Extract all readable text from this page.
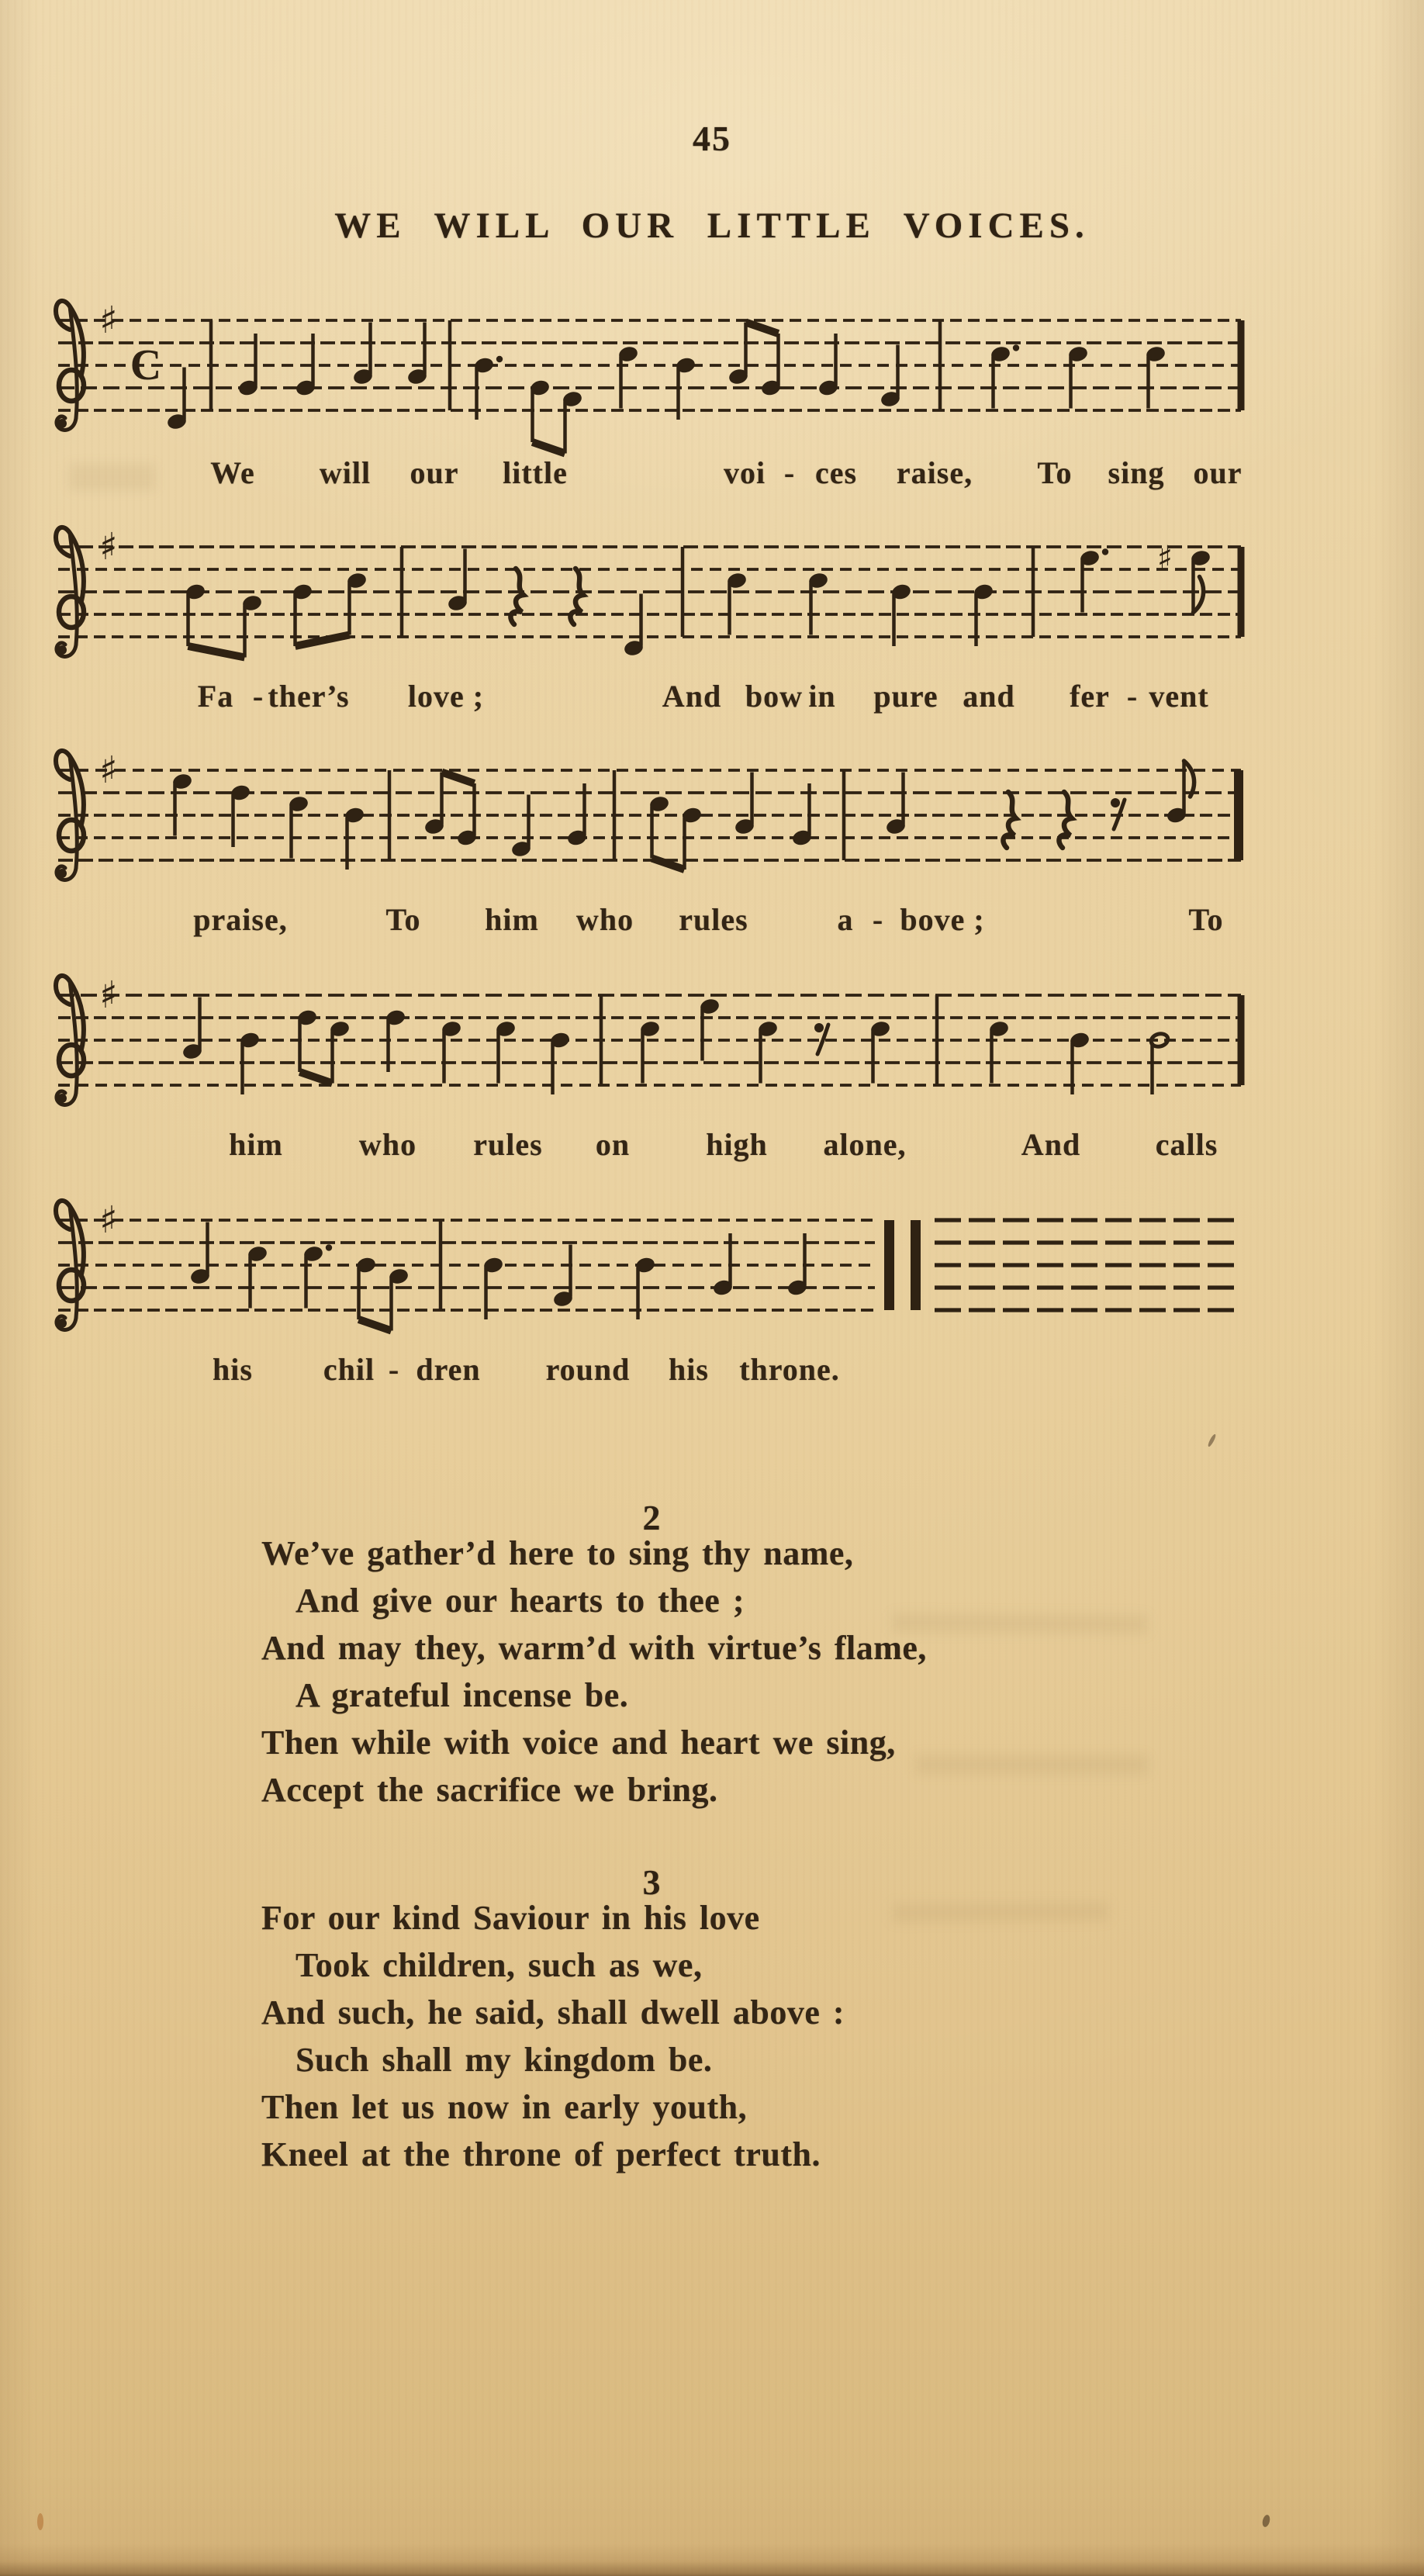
45
WE WILL OUR LITTLE VOICES.
♯
C
We will our little	voi - ces raise, To sing our
♯	♯
Fa - ther’s love ;	And bow in pure and fer - vent
♯
praise,	To him who rules	a - bove ;	To
♯
him who rules on high alone,	And calls
♯
his chil - dren round his throne.
2
We’ve gather’d here to sing thy name,
And give our hearts to thee ;
And may they, warm’d with virtue’s flame,
A grateful incense be.
Then while with voice and heart we sing,
Accept the sacrifice we bring.
3
For our kind Saviour in his love
Took children, such as we,
And such, he said, shall dwell above :
Such shall my kingdom be.
Then let us now in early youth,
Kneel at the throne of perfect truth.
